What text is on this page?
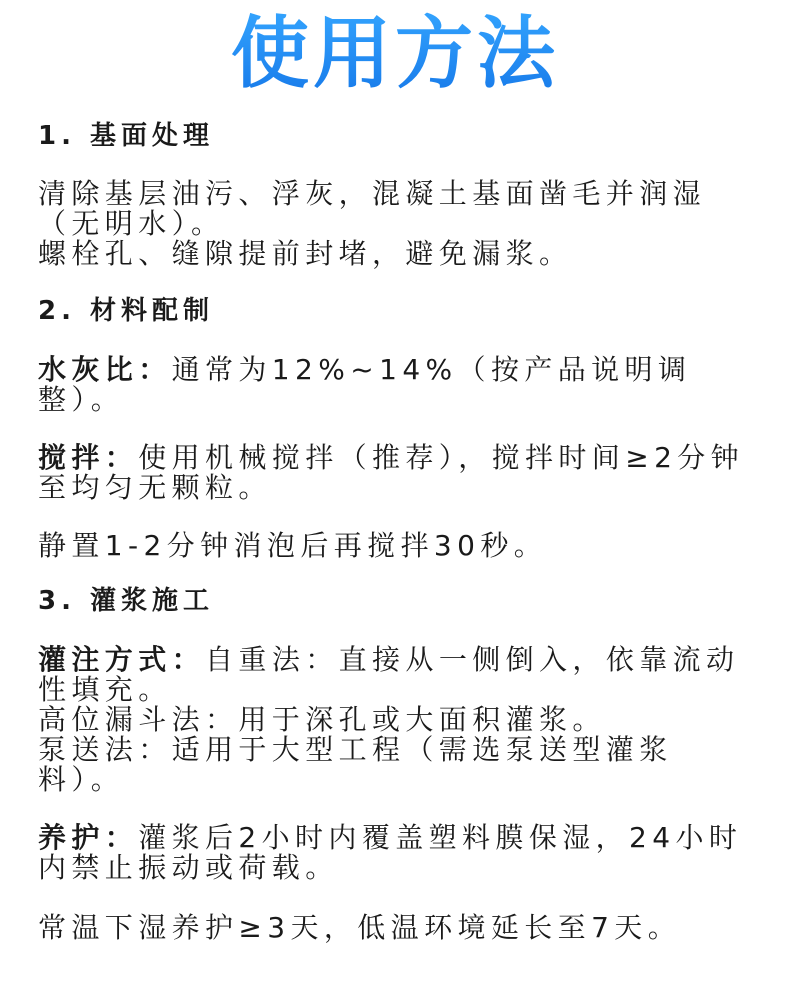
使用方法
1. 基面处理
清除基层油污、浮灰，混凝土基面凿毛并润湿（无明水）。
螺栓孔、缝隙提前封堵，避免漏浆。
2. 材料配制
水灰比：通常为12%~14%（按产品说明调整）。
搅拌：使用机械搅拌（推荐），搅拌时间≥2分钟至均匀无颗粒。
静置1-2分钟消泡后再搅拌30秒。
3. 灌浆施工
灌注方式：自重法：直接从一侧倒入，依靠流动性填充。
高位漏斗法：用于深孔或大面积灌浆。
泵送法：适用于大型工程（需选泵送型灌浆料）。
养护：灌浆后2小时内覆盖塑料膜保湿，24小时内禁止振动或荷载。
常温下湿养护≥3天，低温环境延长至7天。
